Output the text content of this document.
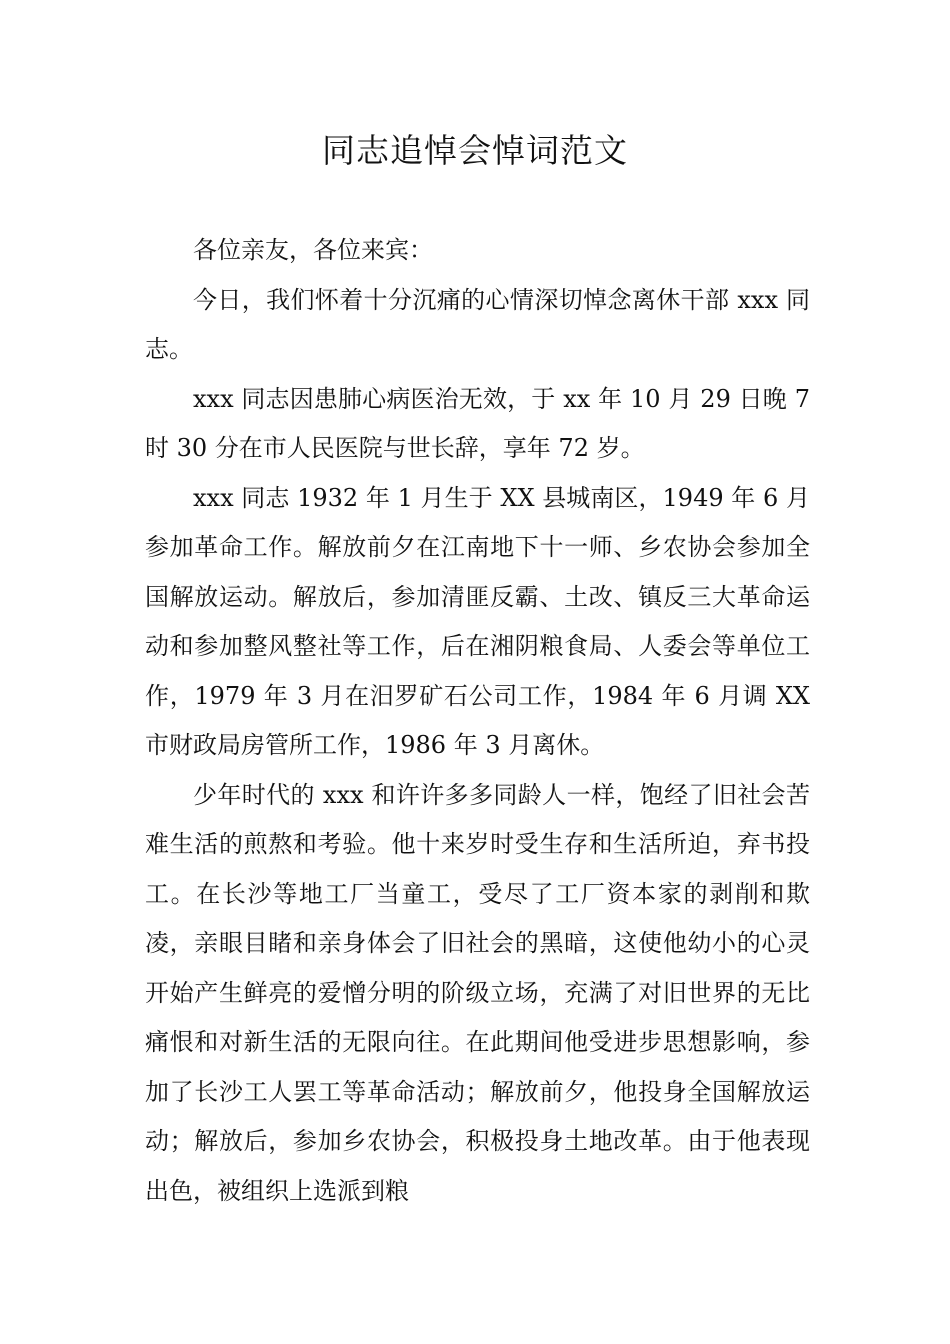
同志追悼会悼词范文

各位亲友，各位来宾：

今日，我们怀着十分沉痛的心情深切悼念离休干部 xxx 同志。

xxx 同志因患肺心病医治无效，于 xx 年 10 月 29 日晚 7 时 30 分在市人民医院与世长辞，享年 72 岁。

xxx 同志 1932 年 1 月生于 XX 县城南区，1949 年 6 月参加革命工作。解放前夕在江南地下十一师、乡农协会参加全国解放运动。解放后，参加清匪反霸、土改、镇反三大革命运动和参加整风整社等工作，后在湘阴粮食局、人委会等单位工作，1979 年 3 月在汨罗矿石公司工作，1984 年 6 月调 XX 市财政局房管所工作，1986 年 3 月离休。

少年时代的 xxx 和许许多多同龄人一样，饱经了旧社会苦难生活的煎熬和考验。他十来岁时受生存和生活所迫，弃书投工。在长沙等地工厂当童工，受尽了工厂资本家的剥削和欺凌，亲眼目睹和亲身体会了旧社会的黑暗，这使他幼小的心灵开始产生鲜亮的爱憎分明的阶级立场，充满了对旧世界的无比痛恨和对新生活的无限向往。在此期间他受进步思想影响，参加了长沙工人罢工等革命活动；解放前夕，他投身全国解放运动；解放后，参加乡农协会，积极投身土地改革。由于他表现出色，被组织上选派到粮
